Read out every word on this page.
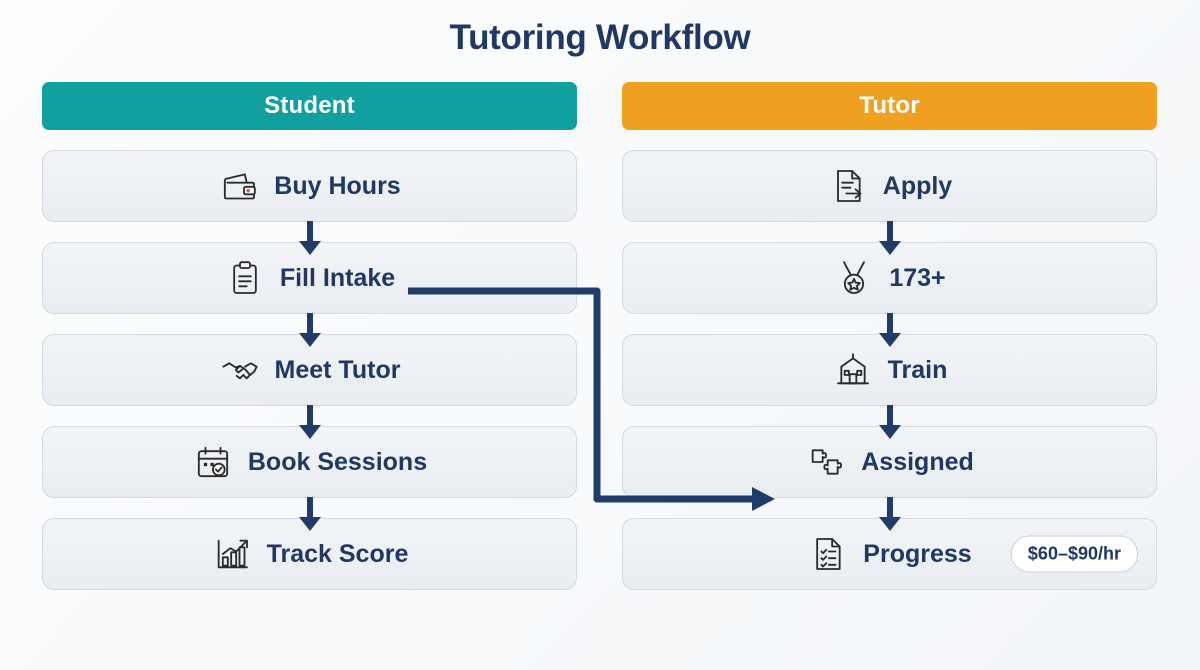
Tutoring Workflow
Student
Buy Hours
Fill Intake
Meet Tutor
Book Sessions
Track Score
Tutor
Apply
173+
Train
Assigned
Progress	$60–$90/hr
